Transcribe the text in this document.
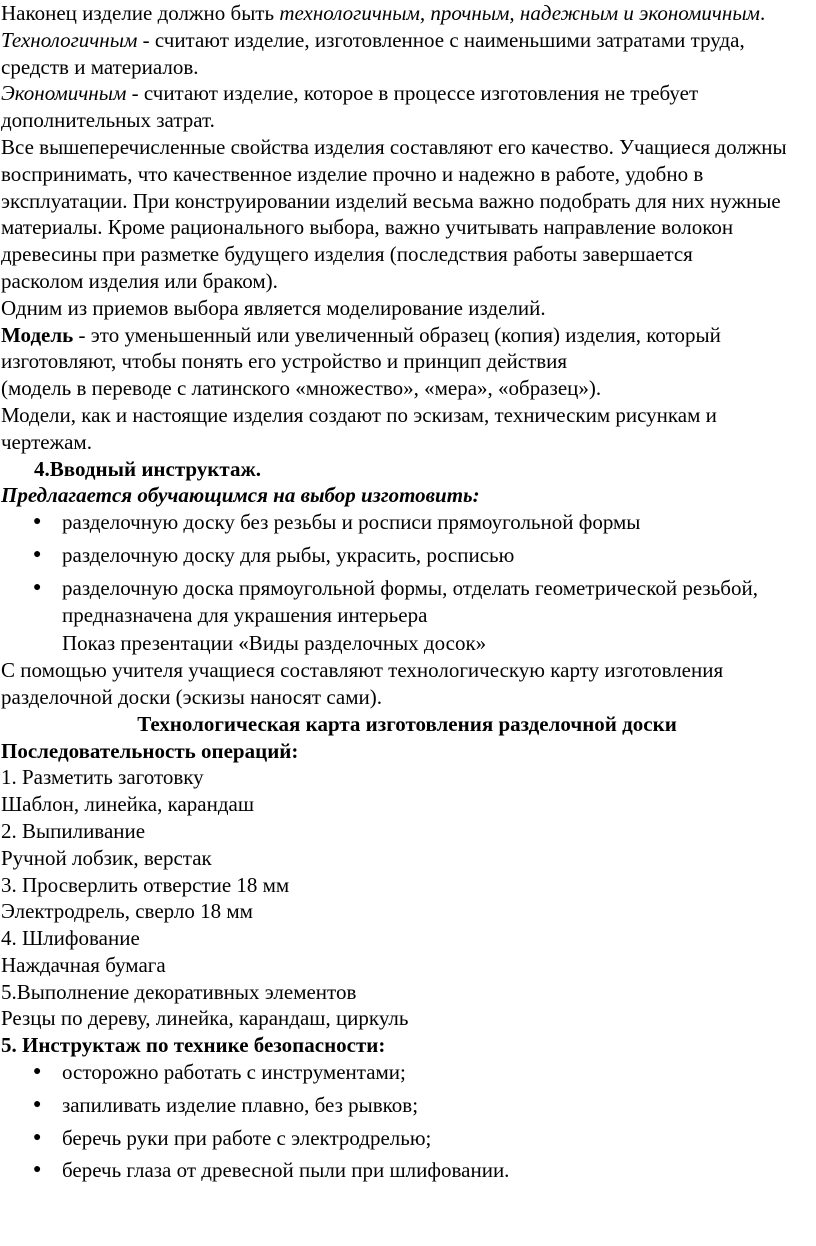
Наконец изделие должно быть технологичным, прочным, надежным и экономичным.

Технологичным - считают изделие, изготовленное с наименьшими затратами труда, средств и материалов.

Экономичным - считают изделие, которое в процессе изготовления не требует дополнительных затрат.

Все вышеперечисленные свойства изделия составляют его качество. Учащиеся должны воспринимать, что качественное изделие прочно и надежно в работе, удобно в эксплуатации. При конструировании изделий весьма важно подобрать для них нужные материалы. Кроме рационального выбора, важно учитывать направление волокон древесины при разметке будущего изделия (последствия работы завершается

расколом изделия или браком).

Одним из приемов выбора является моделирование изделий.

Модель - это уменьшенный или увеличенный образец (копия) изделия, который изготовляют, чтобы понять его устройство и принцип действия

(модель в переводе с латинского «множество», «мера», «образец»).

Модели, как и настоящие изделия создают по эскизам, техническим рисункам и чертежам.

4.Вводный инструктаж.

Предлагается обучающимся на выбор изготовить:

● разделочную доску без резьбы и росписи прямоугольной формы
● разделочную доску для рыбы, украсить, росписью
● разделочную доска прямоугольной формы, отделать геометрической резьбой, предназначена для украшения интерьера

Показ презентации «Виды разделочных досок»

С помощью учителя учащиеся составляют технологическую карту изготовления разделочной доски (эскизы наносят сами).

Технологическая карта изготовления разделочной доски

Последовательность операций:

1. Разметить заготовку

Шаблон, линейка, карандаш

2. Выпиливание

Ручной лобзик, верстак

3. Просверлить отверстие 18 мм

Электродрель, сверло 18 мм

4. Шлифование

Наждачная бумага

5.Выполнение декоративных элементов

Резцы по дереву, линейка, карандаш, циркуль

5. Инструктаж по технике безопасности:

● осторожно работать с инструментами;
● запиливать изделие плавно, без рывков;
● беречь руки при работе с электродрелью;
● беречь глаза от древесной пыли при шлифовании.
